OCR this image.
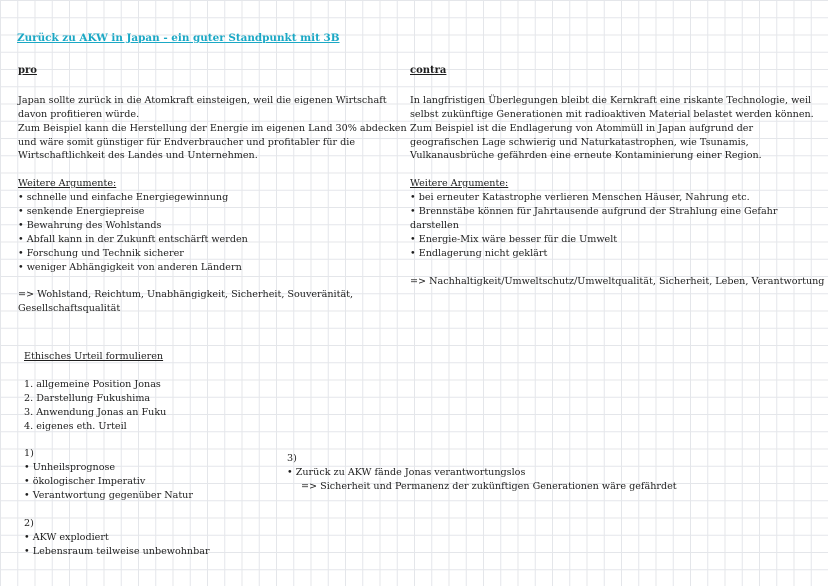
Zurück zu AKW in Japan - ein guter Standpunkt mit 3B
pro
Japan sollte zurück in die Atomkraft einsteigen, weil die eigenen Wirtschaft
davon profitieren würde.
Zum Beispiel kann die Herstellung der Energie im eigenen Land 30% abdecken
und wäre somit günstiger für Endverbraucher und profitabler für die
Wirtschaftlichkeit des Landes und Unternehmen.
Weitere Argumente:
• schnelle und einfache Energiegewinnung
• senkende Energiepreise
• Bewahrung des Wohlstands
• Abfall kann in der Zukunft entschärft werden
• Forschung und Technik sicherer
• weniger Abhängigkeit von anderen Ländern
=> Wohlstand, Reichtum, Unabhängigkeit, Sicherheit, Souveränität,
Gesellschaftsqualität
contra
In langfristigen Überlegungen bleibt die Kernkraft eine riskante Technologie, weil
selbst zukünftige Generationen mit radioaktiven Material belastet werden können.
Zum Beispiel ist die Endlagerung von Atommüll in Japan aufgrund der
geografischen Lage schwierig und Naturkatastrophen, wie Tsunamis,
Vulkanausbrüche gefährden eine erneute Kontaminierung einer Region.
Weitere Argumente:
• bei erneuter Katastrophe verlieren Menschen Häuser, Nahrung etc.
• Brennstäbe können für Jahrtausende aufgrund der Strahlung eine Gefahr
darstellen
• Energie-Mix wäre besser für die Umwelt
• Endlagerung nicht geklärt
=> Nachhaltigkeit/Umweltschutz/Umweltqualität, Sicherheit, Leben, Verantwortung
Ethisches Urteil formulieren
1. allgemeine Position Jonas
2. Darstellung Fukushima
3. Anwendung Jonas an Fuku
4. eigenes eth. Urteil
1)
• Unheilsprognose
• ökologischer Imperativ
• Verantwortung gegenüber Natur
2)
• AKW explodiert
• Lebensraum teilweise unbewohnbar
3)
• Zurück zu AKW fände Jonas verantwortungslos
=> Sicherheit und Permanenz der zukünftigen Generationen wäre gefährdet
